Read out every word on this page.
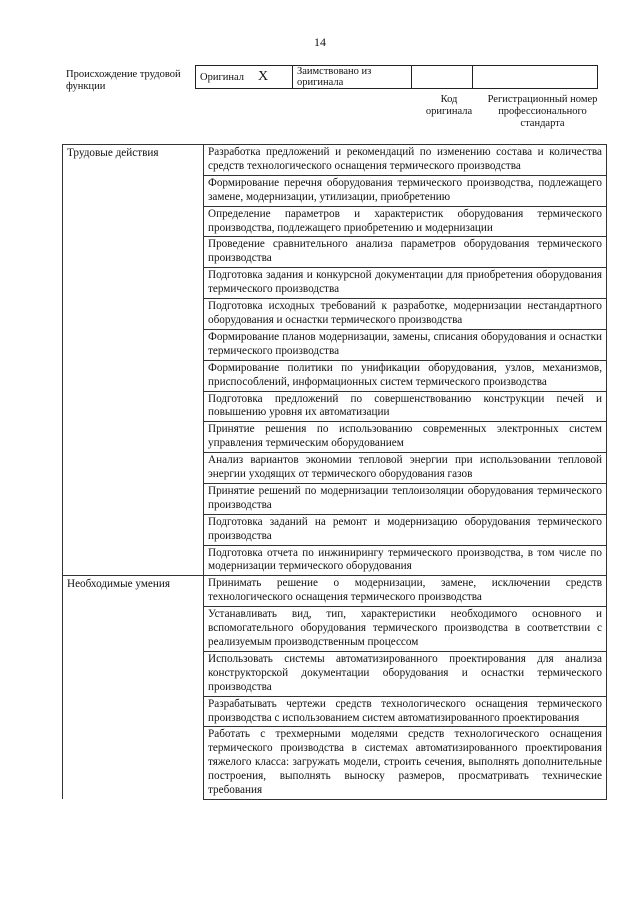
14
Происхождение трудовой функции
Оригинал X	Заимствовано из оригинала		
Код оригинала
Регистрационный номер профессионального стандарта
Трудовые действия	Разработка предложений и рекомендаций по изменению состава и количества средств технологического оснащения термического производства
	Формирование перечня оборудования термического производства, подлежащего замене, модернизации, утилизации, приобретению
	Определение параметров и характеристик оборудования термического производства, подлежащего приобретению и модернизации
	Проведение сравнительного анализа параметров оборудования термического производства
	Подготовка задания и конкурсной документации для приобретения оборудования термического производства
	Подготовка исходных требований к разработке, модернизации нестандартного оборудования и оснастки термического производства
	Формирование планов модернизации, замены, списания оборудования и оснастки термического производства
	Формирование политики по унификации оборудования, узлов, механизмов, приспособлений, информационных систем термического производства
	Подготовка предложений по совершенствованию конструкции печей и повышению уровня их автоматизации
	Принятие решения по использованию современных электронных систем управления термическим оборудованием
	Анализ вариантов экономии тепловой энергии при использовании тепловой энергии уходящих от термического оборудования газов
	Принятие решений по модернизации теплоизоляции оборудования термического производства
	Подготовка заданий на ремонт и модернизацию оборудования термического производства
	Подготовка отчета по инжинирингу термического производства, в том числе по модернизации термического оборудования
Необходимые умения	Принимать решение о модернизации, замене, исключении средств технологического оснащения термического производства
	Устанавливать вид, тип, характеристики необходимого основного и вспомогательного оборудования термического производства в соответствии с реализуемым производственным процессом
	Использовать системы автоматизированного проектирования для анализа конструкторской документации оборудования и оснастки термического производства
	Разрабатывать чертежи средств технологического оснащения термического производства с использованием систем автоматизированного проектирования
	Работать с трехмерными моделями средств технологического оснащения термического производства в системах автоматизированного проектирования тяжелого класса: загружать модели, строить сечения, выполнять дополнительные построения, выполнять выноску размеров, просматривать технические требования
